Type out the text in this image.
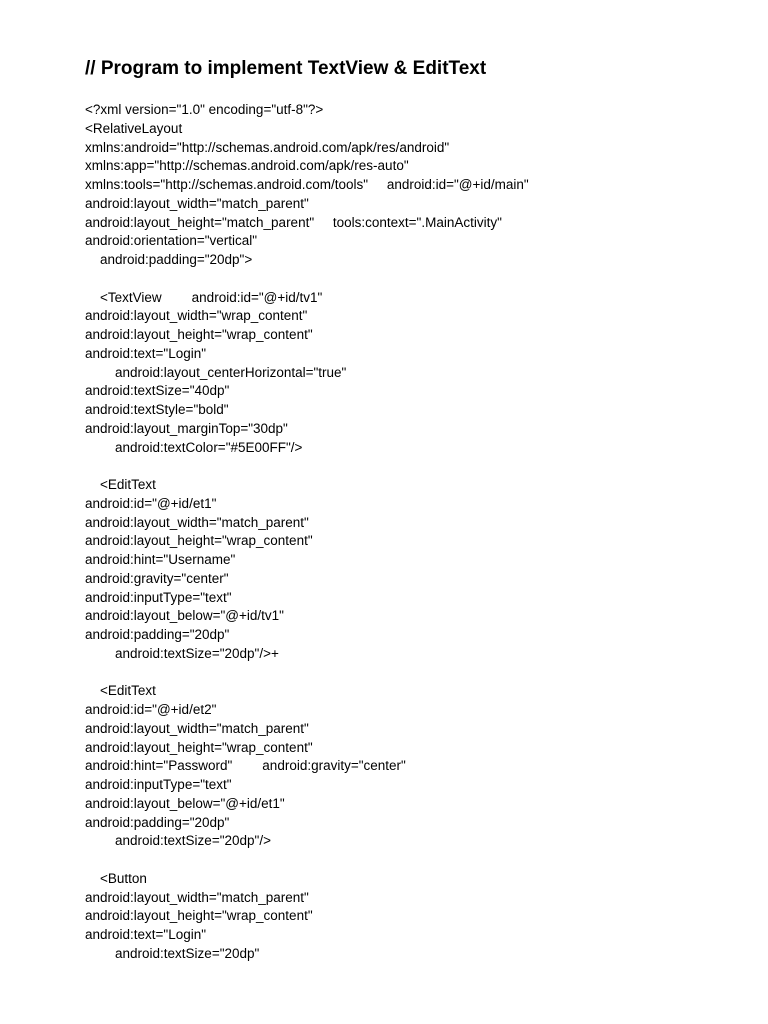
// Program to implement TextView & EditText
<?xml version="1.0" encoding="utf-8"?>
<RelativeLayout
xmlns:android="http://schemas.android.com/apk/res/android"
xmlns:app="http://schemas.android.com/apk/res-auto"
xmlns:tools="http://schemas.android.com/tools"     android:id="@+id/main"
android:layout_width="match_parent"
android:layout_height="match_parent"     tools:context=".MainActivity"
android:orientation="vertical"
android:padding="20dp">
<TextView        android:id="@+id/tv1"
android:layout_width="wrap_content"
android:layout_height="wrap_content"
android:text="Login"
android:layout_centerHorizontal="true"
android:textSize="40dp"
android:textStyle="bold"
android:layout_marginTop="30dp"
android:textColor="#5E00FF"/>
<EditText
android:id="@+id/et1"
android:layout_width="match_parent"
android:layout_height="wrap_content"
android:hint="Username"
android:gravity="center"
android:inputType="text"
android:layout_below="@+id/tv1"
android:padding="20dp"
android:textSize="20dp"/>+
<EditText
android:id="@+id/et2"
android:layout_width="match_parent"
android:layout_height="wrap_content"
android:hint="Password"        android:gravity="center"
android:inputType="text"
android:layout_below="@+id/et1"
android:padding="20dp"
android:textSize="20dp"/>
<Button
android:layout_width="match_parent"
android:layout_height="wrap_content"
android:text="Login"
android:textSize="20dp"
